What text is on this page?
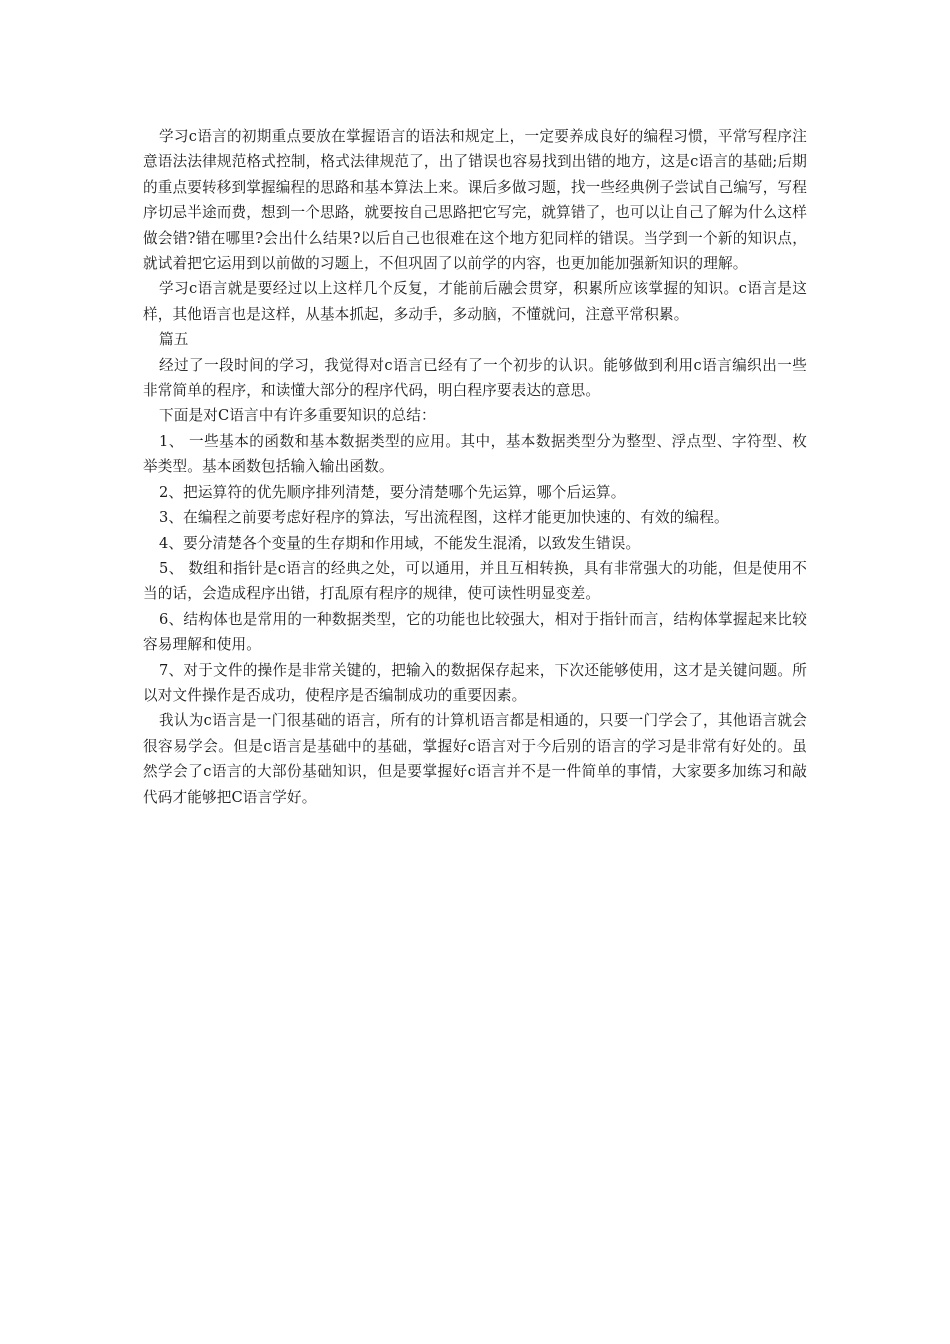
学习c语言的初期重点要放在掌握语言的语法和规定上，一定要养成良好的编程习惯，平常写程序注意语法法律规范格式控制，格式法律规范了，出了错误也容易找到出错的地方，这是c语言的基础;后期的重点要转移到掌握编程的思路和基本算法上来。课后多做习题，找一些经典例子尝试自己编写，写程序切忌半途而费，想到一个思路，就要按自己思路把它写完，就算错了，也可以让自己了解为什么这样做会错?错在哪里?会出什么结果?以后自己也很难在这个地方犯同样的错误。当学到一个新的知识点，就试着把它运用到以前做的习题上，不但巩固了以前学的内容，也更加能加强新知识的理解。

学习c语言就是要经过以上这样几个反复，才能前后融会贯穿，积累所应该掌握的知识。c语言是这样，其他语言也是这样，从基本抓起，多动手，多动脑，不懂就问，注意平常积累。

篇五

经过了一段时间的学习，我觉得对c语言已经有了一个初步的认识。能够做到利用c语言编织出一些非常简单的程序，和读懂大部分的程序代码，明白程序要表达的意思。

下面是对C语言中有许多重要知识的总结：

1、 一些基本的函数和基本数据类型的应用。其中，基本数据类型分为整型、浮点型、字符型、枚举类型。基本函数包括输入输出函数。

2、把运算符的优先顺序排列清楚，要分清楚哪个先运算，哪个后运算。

3、在编程之前要考虑好程序的算法，写出流程图，这样才能更加快速的、有效的编程。

4、要分清楚各个变量的生存期和作用域，不能发生混淆，以致发生错误。

5、 数组和指针是c语言的经典之处，可以通用，并且互相转换，具有非常强大的功能，但是使用不当的话，会造成程序出错，打乱原有程序的规律，使可读性明显变差。

6、结构体也是常用的一种数据类型，它的功能也比较强大，相对于指针而言，结构体掌握起来比较容易理解和使用。

7、对于文件的操作是非常关键的，把输入的数据保存起来，下次还能够使用，这才是关键问题。所以对文件操作是否成功，使程序是否编制成功的重要因素。

我认为c语言是一门很基础的语言，所有的计算机语言都是相通的，只要一门学会了，其他语言就会很容易学会。但是c语言是基础中的基础，掌握好c语言对于今后别的语言的学习是非常有好处的。虽然学会了c语言的大部份基础知识，但是要掌握好c语言并不是一件简单的事情，大家要多加练习和敲代码才能够把C语言学好。
